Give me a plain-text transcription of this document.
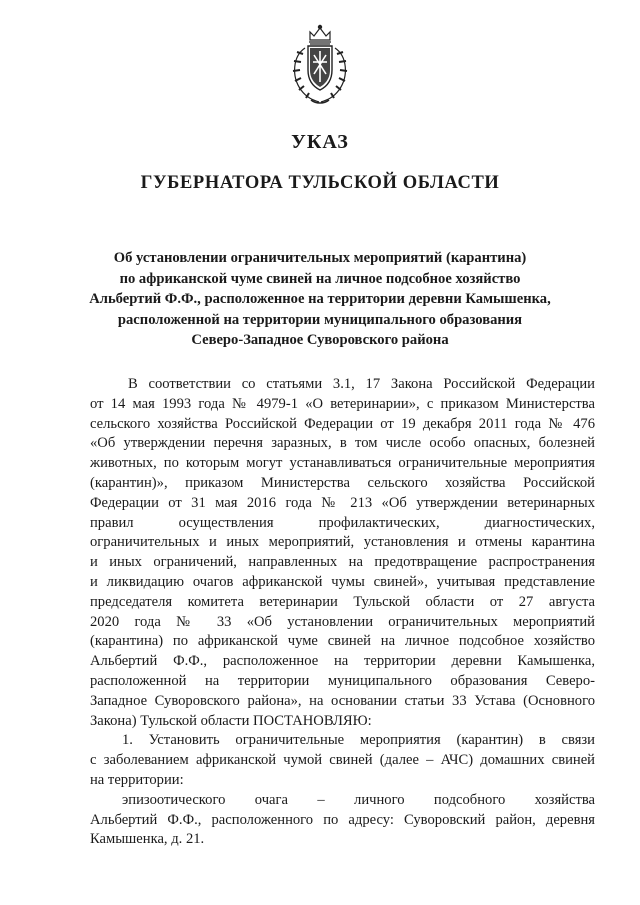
УКАЗ
ГУБЕРНАТОРА ТУЛЬСКОЙ ОБЛАСТИ
Об установлении ограничительных мероприятий (карантина)
по африканской чуме свиней на личное подсобное хозяйство
Альбертий Ф.Ф., расположенное на территории деревни Камышенка,
расположенной на территории муниципального образования
Северо-Западное Суворовского района
В соответствии со статьями 3.1, 17 Закона Российской Федерации
от 14 мая 1993 года № 4979-1 «О ветеринарии», с приказом Министерства
сельского хозяйства Российской Федерации от 19 декабря 2011 года № 476
«Об утверждении перечня заразных, в том числе особо опасных, болезней
животных, по которым могут устанавливаться ограничительные мероприятия
(карантин)», приказом Министерства сельского хозяйства Российской
Федерации от 31 мая 2016 года № 213 «Об утверждении ветеринарных
правил осуществления профилактических, диагностических,
ограничительных и иных мероприятий, установления и отмены карантина
и иных ограничений, направленных на предотвращение распространения
и ликвидацию очагов африканской чумы свиней», учитывая представление
председателя комитета ветеринарии Тульской области от 27 августа
2020 года № 33 «Об установлении ограничительных мероприятий
(карантина) по африканской чуме свиней на личное подсобное хозяйство
Альбертий Ф.Ф., расположенное на территории деревни Камышенка,
расположенной на территории муниципального образования Северо-
Западное Суворовского района», на основании статьи 33 Устава (Основного
Закона) Тульской области ПОСТАНОВЛЯЮ:
1. Установить ограничительные мероприятия (карантин) в связи
с заболеванием африканской чумой свиней (далее – АЧС) домашних свиней
на территории:
эпизоотического очага – личного подсобного хозяйства
Альбертий Ф.Ф., расположенного по адресу: Суворовский район, деревня
Камышенка, д. 21.
